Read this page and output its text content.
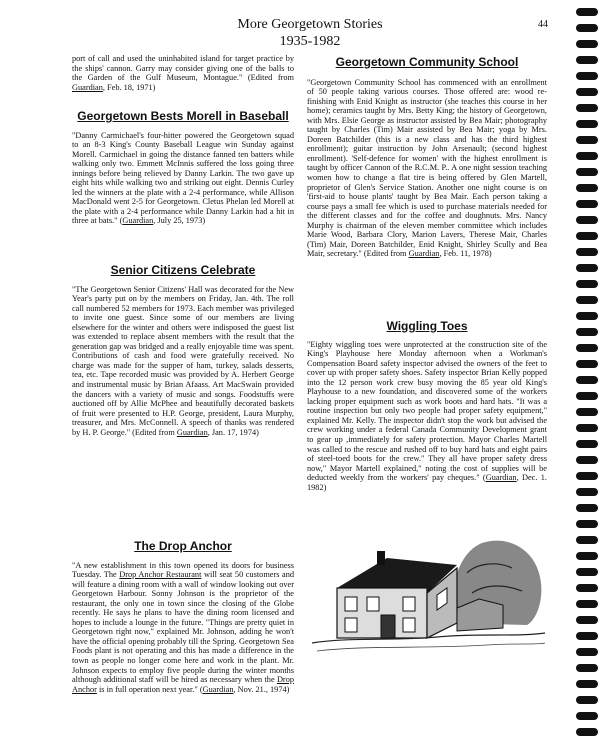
More Georgetown Stories
1935-1982
44

port of call and used the uninhabited island for target practice by the ships' cannon. Garry may consider giving one of the balls to the Garden of the Gulf Museum, Montague." (Edited from Guardian, Feb. 18, 1971)

Georgetown Bests Morell in Baseball

"Danny Carmichael's four-hitter powered the Georgetown squad to an 8-3 King's County Baseball League win Sunday against Morell. Carmichael in going the distance fanned ten batters while walking only two. Emmett McInnis suffered the loss going three innings before being relieved by Danny Larkin. The two gave up eight hits while walking two and striking out eight. Dennis Curley led the winners at the plate with a 2-4 performance, while Allison MacDonald went 2-5 for Georgetown. Cletus Phelan led Morell at the plate with a 2-4 performance while Danny Larkin had a hit in three at bats." (Guardian, July 25, 1973)

Senior Citizens Celebrate

"The Georgetown Senior Citizens' Hall was decorated for the New Year's party put on by the members on Friday, Jan. 4th. The roll call numbered 52 members for 1973. Each member was privileged to invite one guest. Since some of our members are living elsewhere for the winter and others were indisposed the guest list was extended to replace absent members with the result that the generation gap was bridged and a really enjoyable time was spent. Contributions of cash and food were gratefully received. No charge was made for the supper of ham, turkey, salads desserts, tea, etc. Tape recorded music was provided by A. Herbert George and instrumental music by Brian Afaass. Art MacSwain provided the dancers with a variety of music and songs. Foodstuffs were auctioned off by Allie McPhee and beautifully decorated baskets of fruit were presented to H.P. George, president, Laura Murphy, treasurer, and Mrs. McConnell. A speech of thanks was rendered by H. P. George." (Edited from Guardian, Jan. 17, 1974)

The Drop Anchor

"A new establishment in this town opened its doors for business Tuesday. The Drop Anchor Restaurant will seat 50 customers and will feature a dining room with a wall of window looking out over Georgetown Harbour. Sonny Johnson is the proprietor of the restaurant, the only one in town since the closing of the Globe recently. He says he plans to have the dining room licensed and hopes to include a lounge in the future. "Things are pretty quiet in Georgetown right now," explained Mr. Johnson, adding he won't have the official opening probably till the Spring. Georgetown Sea Foods plant is not operating and this has made a difference in the town as people no longer come here and work in the plant. Mr. Johnson expects to employ five people during the winter months although additional staff will be hired as necessary when the Drop Anchor is in full operation next year." (Guardian, Nov. 21., 1974)

Georgetown Community School

"Georgetown Community School has commenced with an enrollment of 50 people taking various courses. Those offered are: wood re-finishing with Enid Knight as instructor (she teaches this course in her home); ceramics taught by Mrs. Betty King; the history of Georgetown, with Mrs. Elsie George as instructor assisted by Bea Mair; photography taught by Charles (Tim) Mair assisted by Bea Mair; yoga by Mrs. Doreen Batchilder (this is a new class and has the third highest enrollment); guitar instruction by John Arsenault; (second highest enrollment). 'Self-defence for women' with the highest enrollment is taught by officer Cannon of the R.C.M. P.. A one night session teaching women how to change a flat tire is being offered by Glen Martell, proprietor of Glen's Service Station. Another one night course is on 'first-aid to house plants' taught by Bea Mair. Each person taking a course pays a small fee which is used to purchase materials needed for the different classes and for the coffee and doughnuts. Mrs. Nancy Murphy is chairman of the eleven member committee which includes Marie Wood, Barbara Clory, Marion Lavers, Therese Mair, Charles (Tim) Mair, Doreen Batchilder, Enid Knight, Shirley Scully and Bea Mair, secretary." (Edited from Guardian, Feb. 11, 1978)

Wiggling Toes

"Eighty wiggling toes were unprotected at the construction site of the King's Playhouse here Monday afternoon when a Workman's Compensation Board safety inspector advised the owners of the feet to cover up with proper safety shoes. Safety inspector Brian Kelly popped into the 12 person work crew busy moving the 85 year old King's Playhouse to a new foundation, and discovered some of the workers lacking proper equipment such as work boots and hard hats. "It was a routine inspection but only two people had proper safety equipment," explained Mr. Kelly. The inspector didn't stop the work but advised the crew working under a federal Canada Community Development grant to gear up ,immediately for safety protection. Mayor Charles Martell was called to the rescue and rushed off to buy hard hats and eight pairs of steel-toed boots for the crew." They all have proper safety dress now," Mayor Martell explained," noting the cost of supplies will be deducted weekly from the workers' pay cheques." (Guardian, Dec. 1. 1982)
